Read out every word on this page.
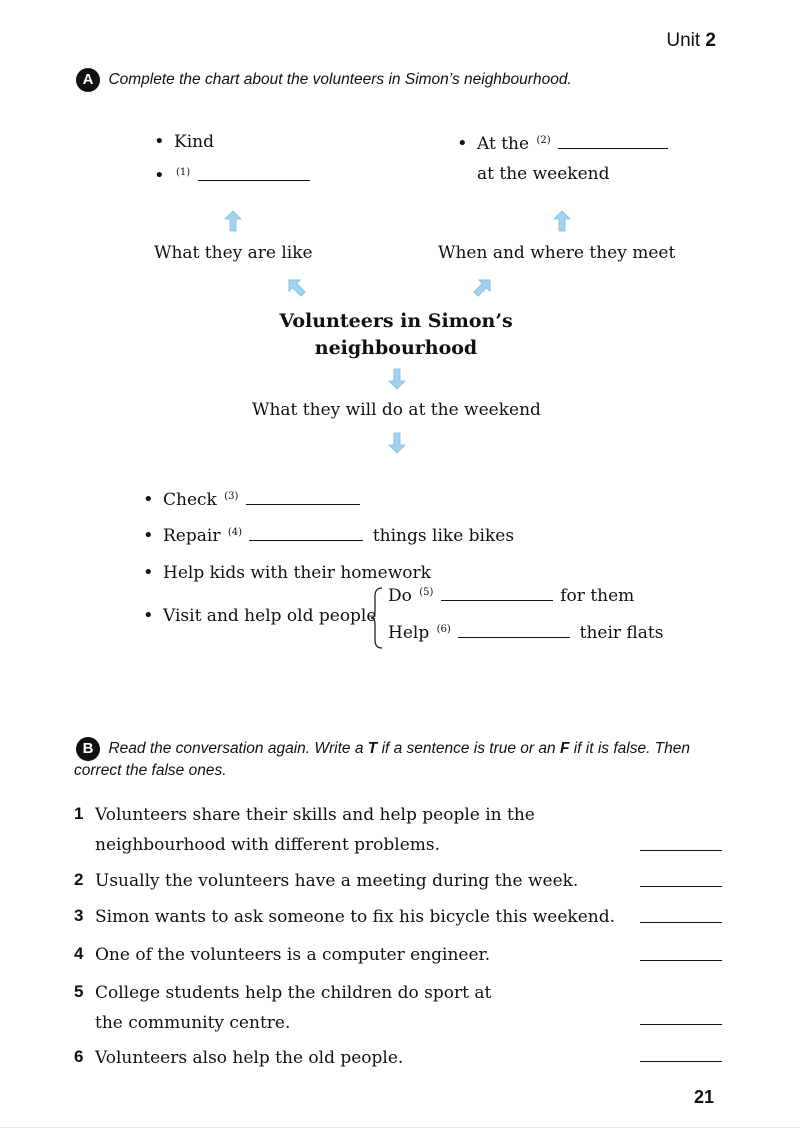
Unit 2
A Complete the chart about the volunteers in Simon’s neighbourhood.
• Kind
• $^{(1)}$
• At the $^{(2)}$
at the weekend
What they are like	When and where they meet
Volunteers in Simon’s neighbourhood
What they will do at the weekend
• Check $^{(3)}$
• Repair $^{(4)}$	things like bikes
• Help kids with their homework
• Visit and help old people
Do $^{(5)}$	for them
Help $^{(6)}$	their flats
B Read the conversation again. Write a T if a sentence is true or an F if it is false. Then
correct the false ones.
1 Volunteers share their skills and help people in the neighbourhood with different problems.
2 Usually the volunteers have a meeting during the week.
3 Simon wants to ask someone to fix his bicycle this weekend.
4 One of the volunteers is a computer engineer.
5 College students help the children do sport at the community centre.
6 Volunteers also help the old people.
21
